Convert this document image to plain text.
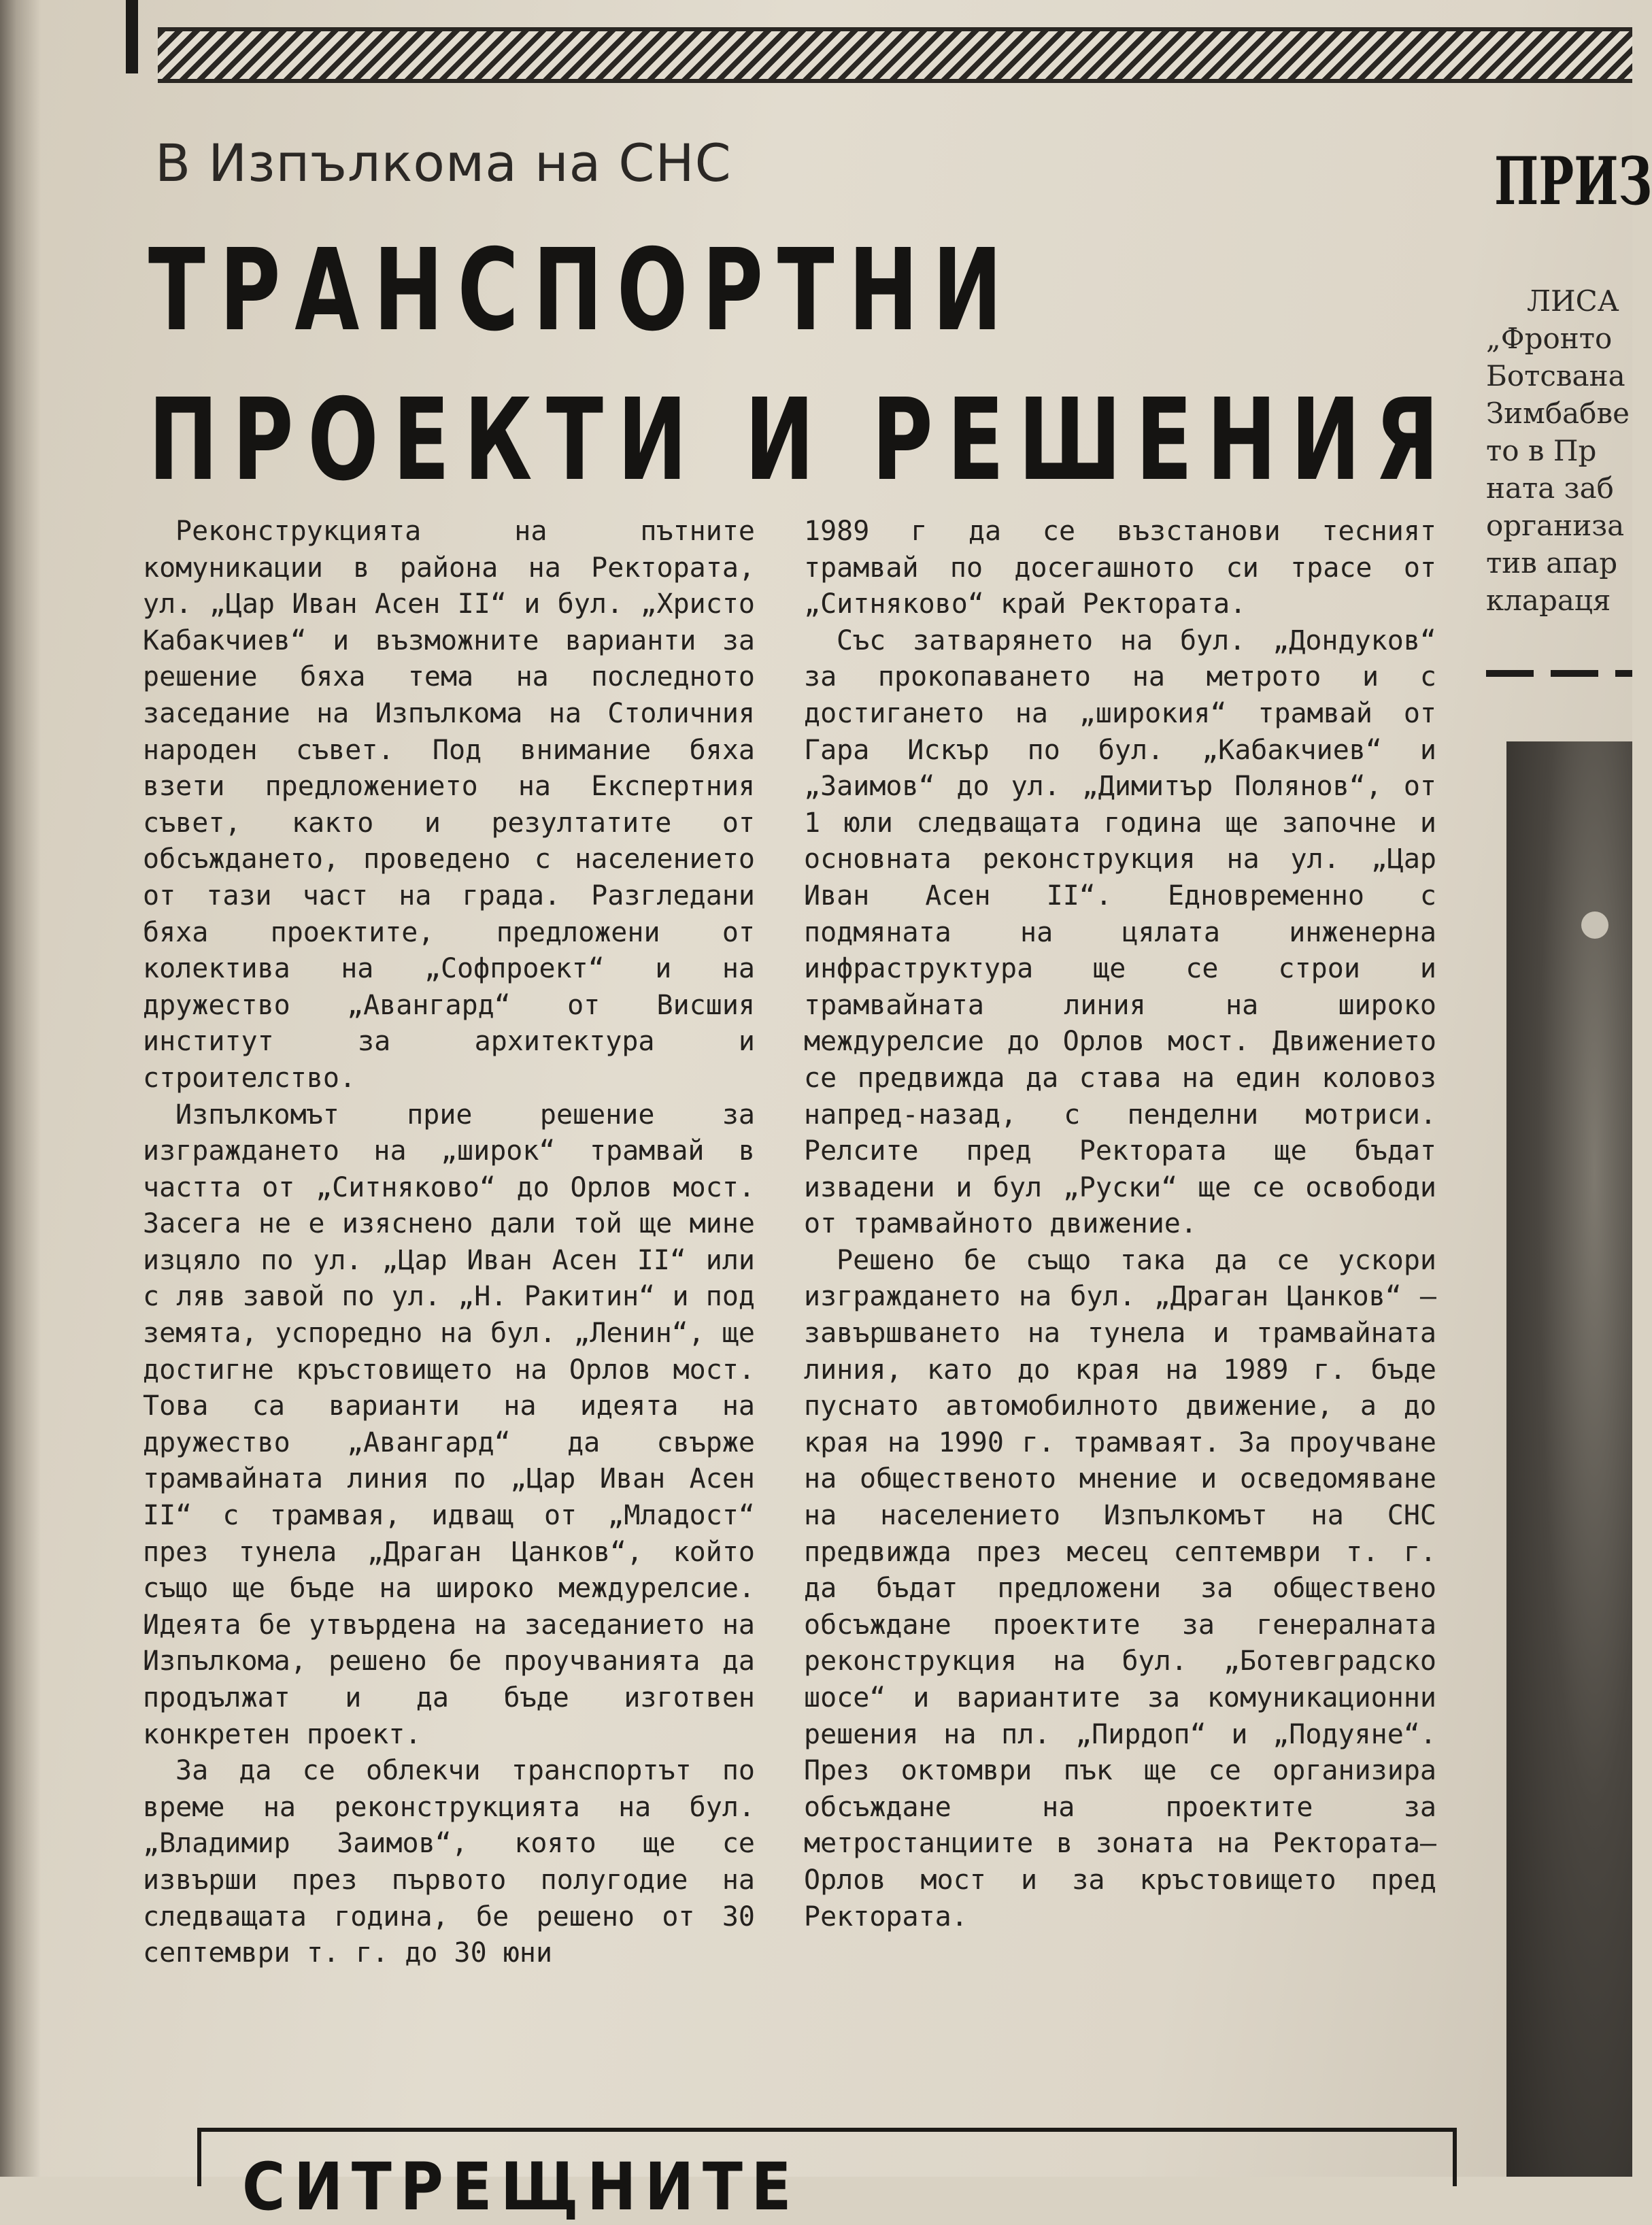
В Изпълкома на СНС
ТРАНСПОРТНИ
ПРОЕКТИ И РЕШЕНИЯ

Реконструкцията на пътните комуникации в района на Ректората, ул. „Цар Иван Асен II“ и бул. „Христо Кабакчиев“ и възможните варианти за решение бяха тема на последното заседание на Изпълкома на Столичния народен съвет. Под внимание бяха взети предложението на Експертния съвет, както и резултатите от обсъждането, проведено с населението от тази част на града. Разгледани бяха проектите, предложени от колектива на „Софпроект“ и на дружество „Авангард“ от Висшия институт за архитектура и строителство.

Изпълкомът прие решение за изграждането на „широк“ трамвай в частта от „Ситняково“ до Орлов мост. Засега не е изяснено дали той ще мине изцяло по ул. „Цар Иван Асен II“ или с ляв завой по ул. „Н. Ракитин“ и под земята, успоредно на бул. „Ленин“, ще достигне кръстовището на Орлов мост. Това са варианти на идеята на дружество „Авангард“ да свърже трамвайната линия по „Цар Иван Асен II“ с трамвая, идващ от „Младост“ през тунела „Драган Цанков“, който също ще бъде на широко междурелсие. Идеята бе утвърдена на заседанието на Изпълкома, решено бе проучванията да продължат и да бъде изготвен конкретен проект.

За да се облекчи транспортът по време на реконструкцията на бул. „Владимир Заимов“, която ще се извърши през първото полугодие на следващата година, бе решено от 30 септември т. г. до 30 юни

1989 г да се възстанови тесният трамвай по досегашното си трасе от „Ситняково“ край Ректората.

Със затварянето на бул. „Дондуков“ за прокопаването на метрото и с достигането на „широкия“ трамвай от Гара Искър по бул. „Кабакчиев“ и „Заимов“ до ул. „Димитър Полянов“, от 1 юли следващата година ще започне и основната реконструкция на ул. „Цар Иван Асен II“. Едновременно с подмяната на цялата инженерна инфраструктура ще се строи и трамвайната линия на широко междурелсие до Орлов мост. Движението се предвижда да става на един коловоз напред-назад, с пенделни мотриси. Релсите пред Ректората ще бъдат извадени и бул „Руски“ ще се освободи от трамвайното движение.

Решено бе също така да се ускори изграждането на бул. „Драган Цанков“ — завършването на тунела и трамвайната линия, като до края на 1989 г. бъде пуснато автомобилното движение, а до края на 1990 г. трамваят. За проучване на общественото мнение и осведомяване на населението Изпълкомът на СНС предвижда през месец септември т. г. да бъдат предложени за обществено обсъждане проектите за генералната реконструкция на бул. „Ботевградско шосе“ и вариантите за комуникационни решения на пл. „Пирдоп“ и „Подуяне“. През октомври пък ще се организира обсъждане на проектите за метростанциите в зоната на Ректората—Орлов мост и за кръстовището пред Ректората.

ПРИЗ
ЛИСА
„Фронто
Ботсвана
Зимбабве
то в Пр
ната заб
организа
тив апар
клараця
СИТРЕЩНИТЕ
